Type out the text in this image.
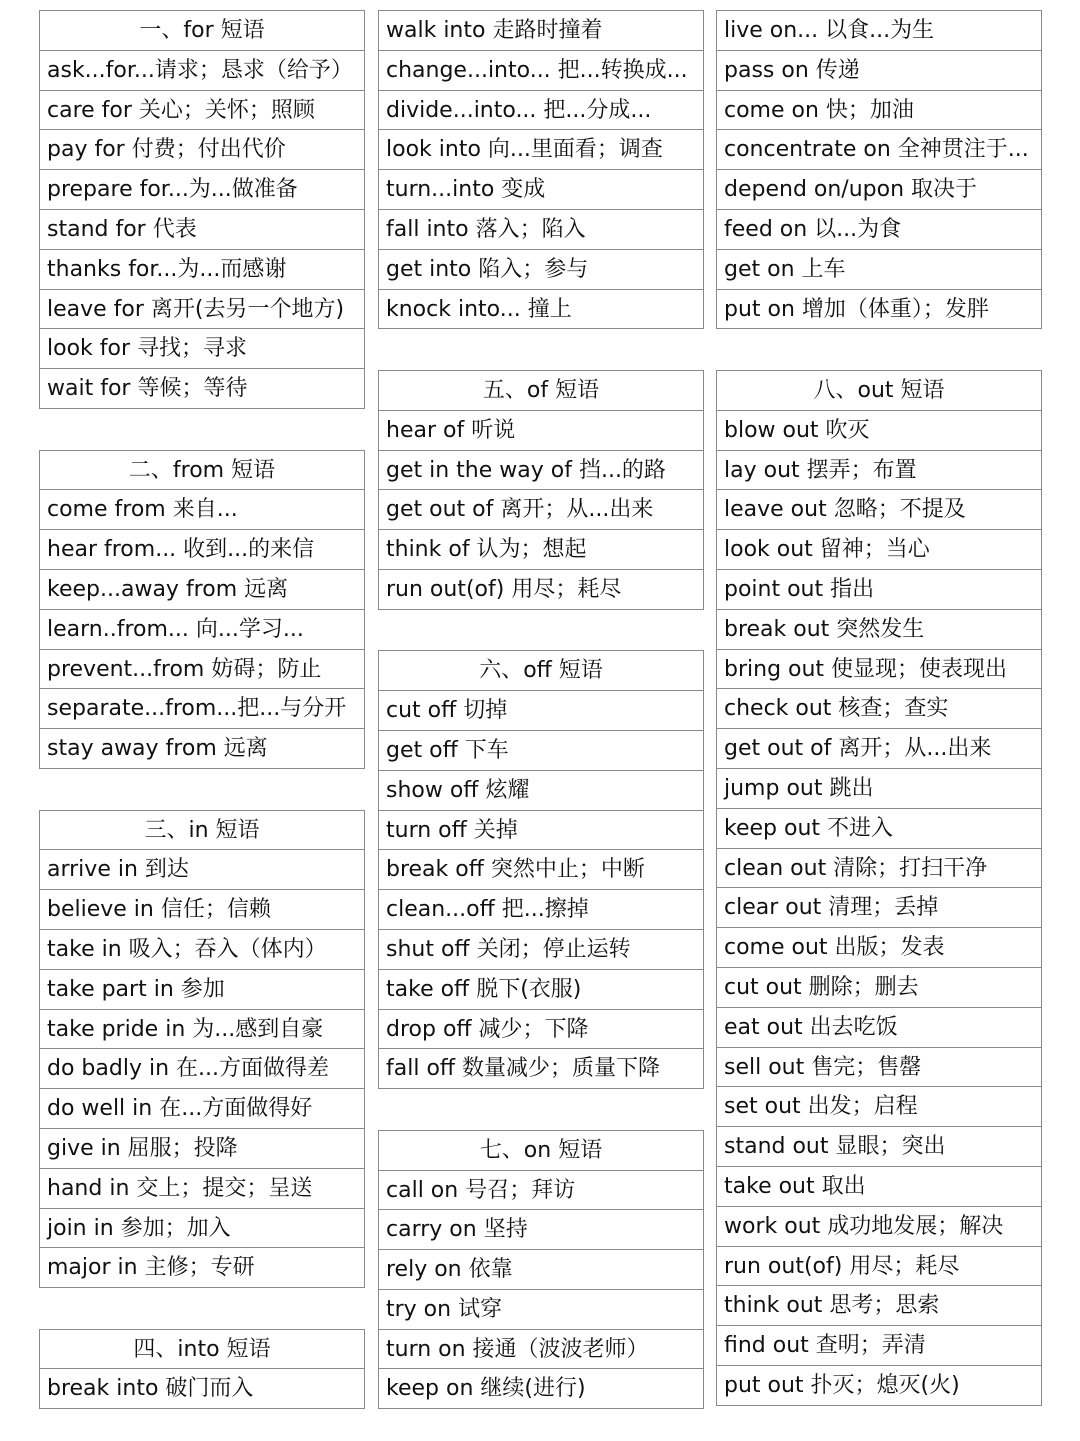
一、for 短语
ask...for...请求；恳求（给予）
care for 关心；关怀；照顾
pay for 付费；付出代价
prepare for...为...做准备
stand for 代表
thanks for...为...而感谢
leave for 离开(去另一个地方)
look for 寻找；寻求
wait for 等候；等待
二、from 短语
come from 来自...
hear from... 收到...的来信
keep...away from 远离
learn..from... 向...学习...
prevent...from 妨碍；防止
separate...from...把...与分开
stay away from 远离
三、in 短语
arrive in 到达
believe in 信任；信赖
take in 吸入；吞入（体内）
take part in 参加
take pride in 为...感到自豪
do badly in 在...方面做得差
do well in 在...方面做得好
give in 屈服；投降
hand in 交上；提交；呈送
join in 参加；加入
major in 主修；专研
四、into 短语
break into 破门而入
walk into 走路时撞着
change...into... 把...转换成...
divide...into... 把...分成...
look into 向...里面看；调查
turn...into 变成
fall into 落入；陷入
get into 陷入；参与
knock into... 撞上
五、of 短语
hear of 听说
get in the way of 挡...的路
get out of 离开；从...出来
think of 认为；想起
run out(of) 用尽；耗尽
六、off 短语
cut off 切掉
get off 下车
show off 炫耀
turn off 关掉
break off 突然中止；中断
clean...off 把...擦掉
shut off 关闭；停止运转
take off 脱下(衣服)
drop off 减少；下降
fall off 数量减少；质量下降
七、on 短语
call on 号召；拜访
carry on 坚持
rely on 依靠
try on 试穿
turn on 接通（波波老师）
keep on 继续(进行)
live on... 以食...为生
pass on 传递
come on 快；加油
concentrate on 全神贯注于...
depend on/upon 取决于
feed on 以...为食
get on 上车
put on 增加（体重）；发胖
八、out 短语
blow out 吹灭
lay out 摆弄；布置
leave out 忽略；不提及
look out 留神；当心
point out 指出
break out 突然发生
bring out 使显现；使表现出
check out 核查；查实
get out of 离开；从...出来
jump out 跳出
keep out 不进入
clean out 清除；打扫干净
clear out 清理；丢掉
come out 出版；发表
cut out 删除；删去
eat out 出去吃饭
sell out 售完；售罄
set out 出发；启程
stand out 显眼；突出
take out 取出
work out 成功地发展；解决
run out(of) 用尽；耗尽
think out 思考；思索
find out 查明；弄清
put out 扑灭；熄灭(火)
